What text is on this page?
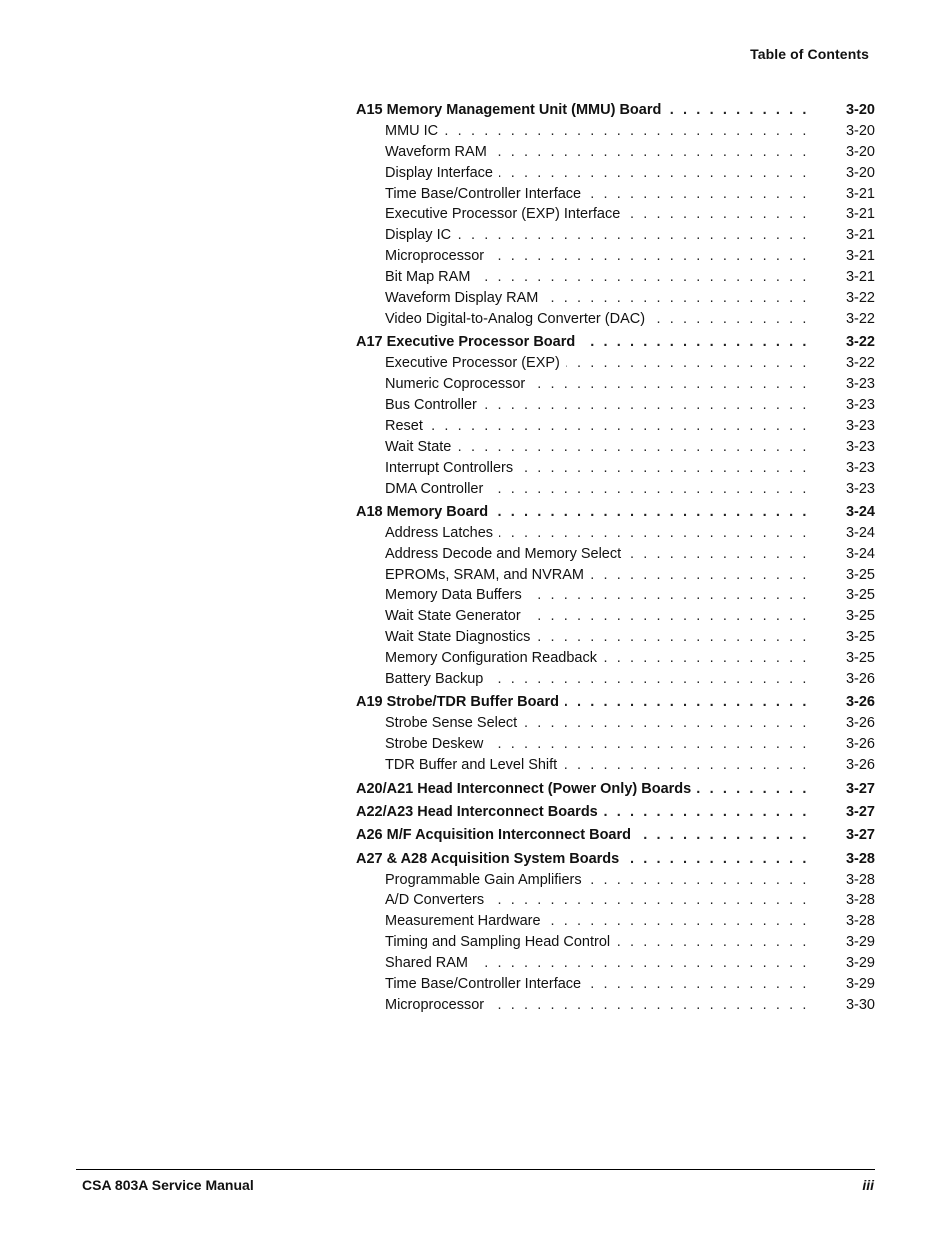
Table of Contents
A15 Memory Management Unit (MMU) Board . . .	3-20
MMU IC . . .	3-20
Waveform RAM . . .	3-20
Display Interface . . .	3-20
Time Base/Controller Interface . . .	3-21
Executive Processor (EXP) Interface . . .	3-21
Display IC . . .	3-21
Microprocessor . . .	3-21
Bit Map RAM . . .	3-21
Waveform Display RAM . . .	3-22
Video Digital-to-Analog Converter (DAC) . . .	3-22
A17 Executive Processor Board . . .	3-22
Executive Processor (EXP) . . .	3-22
Numeric Coprocessor . . .	3-23
Bus Controller . . .	3-23
Reset . . .	3-23
Wait State . . .	3-23
Interrupt Controllers . . .	3-23
DMA Controller . . .	3-23
A18 Memory Board . . .	3-24
Address Latches . . .	3-24
Address Decode and Memory Select . . .	3-24
EPROMs, SRAM, and NVRAM . . .	3-25
Memory Data Buffers . . .	3-25
Wait State Generator . . .	3-25
Wait State Diagnostics . . .	3-25
Memory Configuration Readback . . .	3-25
Battery Backup . . .	3-26
A19 Strobe/TDR Buffer Board . . .	3-26
Strobe Sense Select . . .	3-26
Strobe Deskew . . .	3-26
TDR Buffer and Level Shift . . .	3-26
A20/A21 Head Interconnect (Power Only) Boards . . .	3-27
A22/A23 Head Interconnect Boards . . .	3-27
A26 M/F Acquisition Interconnect Board . . .	3-27
A27 & A28 Acquisition System Boards . . .	3-28
Programmable Gain Amplifiers . . .	3-28
A/D Converters . . .	3-28
Measurement Hardware . . .	3-28
Timing and Sampling Head Control . . .	3-29
Shared RAM . . .	3-29
Time Base/Controller Interface . . .	3-29
Microprocessor . . .	3-30
CSA 803A Service Manual	iii
